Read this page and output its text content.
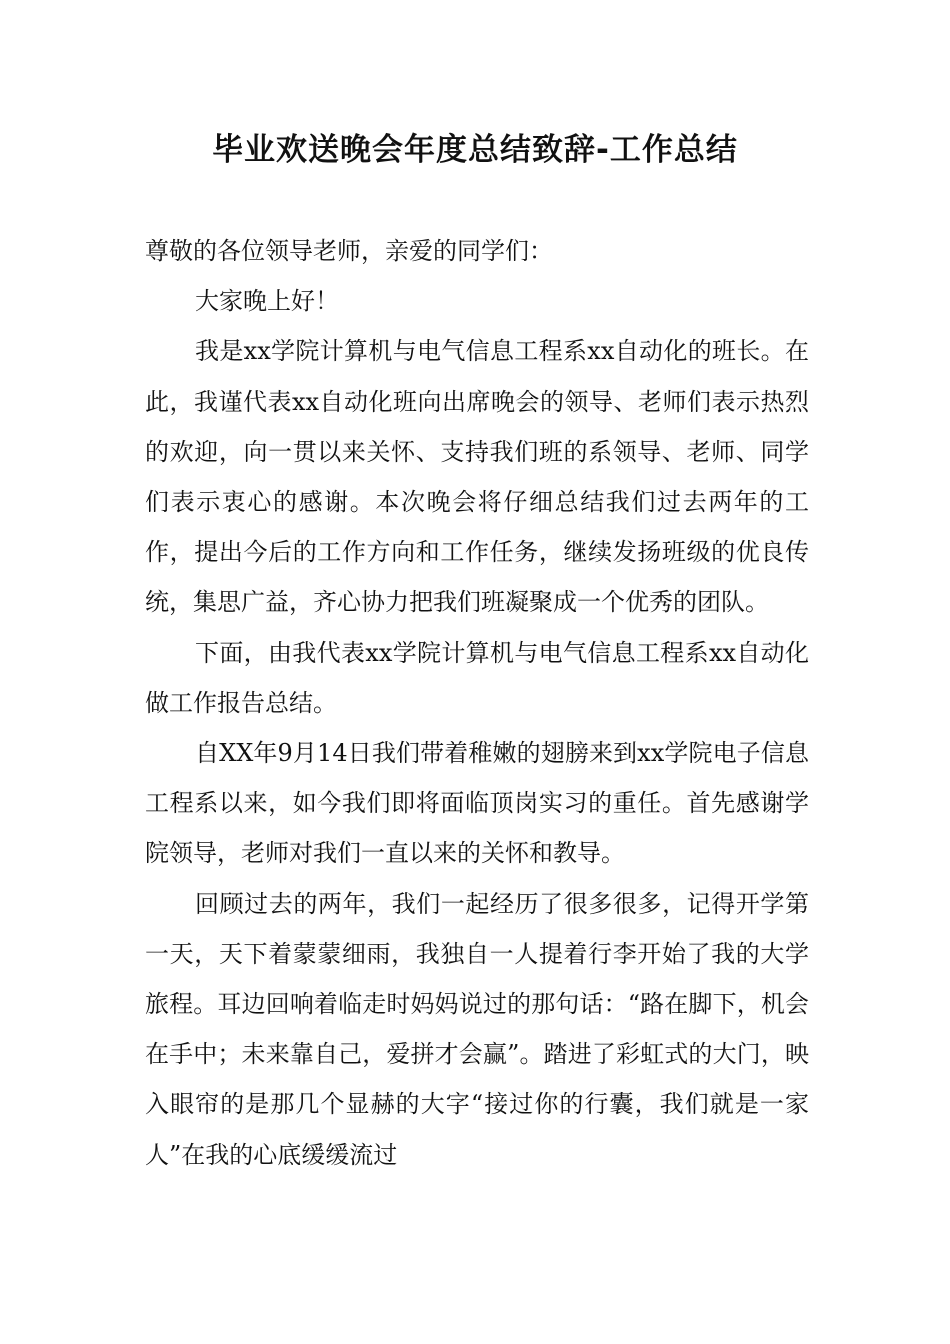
毕业欢送晚会年度总结致辞-工作总结

尊敬的各位领导老师，亲爱的同学们：

大家晚上好！

我是xx学院计算机与电气信息工程系xx自动化的班长。在此，我谨代表xx自动化班向出席晚会的领导、老师们表示热烈的欢迎，向一贯以来关怀、支持我们班的系领导、老师、同学们表示衷心的感谢。本次晚会将仔细总结我们过去两年的工作，提出今后的工作方向和工作任务，继续发扬班级的优良传统，集思广益，齐心协力把我们班凝聚成一个优秀的团队。

下面，由我代表xx学院计算机与电气信息工程系xx自动化做工作报告总结。

自XX年9月14日我们带着稚嫩的翅膀来到xx学院电子信息工程系以来，如今我们即将面临顶岗实习的重任。首先感谢学院领导，老师对我们一直以来的关怀和教导。

回顾过去的两年，我们一起经历了很多很多，记得开学第一天，天下着蒙蒙细雨，我独自一人提着行李开始了我的大学旅程。耳边回响着临走时妈妈说过的那句话：“路在脚下，机会在手中；未来靠自己，爱拼才会赢”。踏进了彩虹式的大门，映入眼帘的是那几个显赫的大字“接过你的行囊，我们就是一家人”在我的心底缓缓流过
